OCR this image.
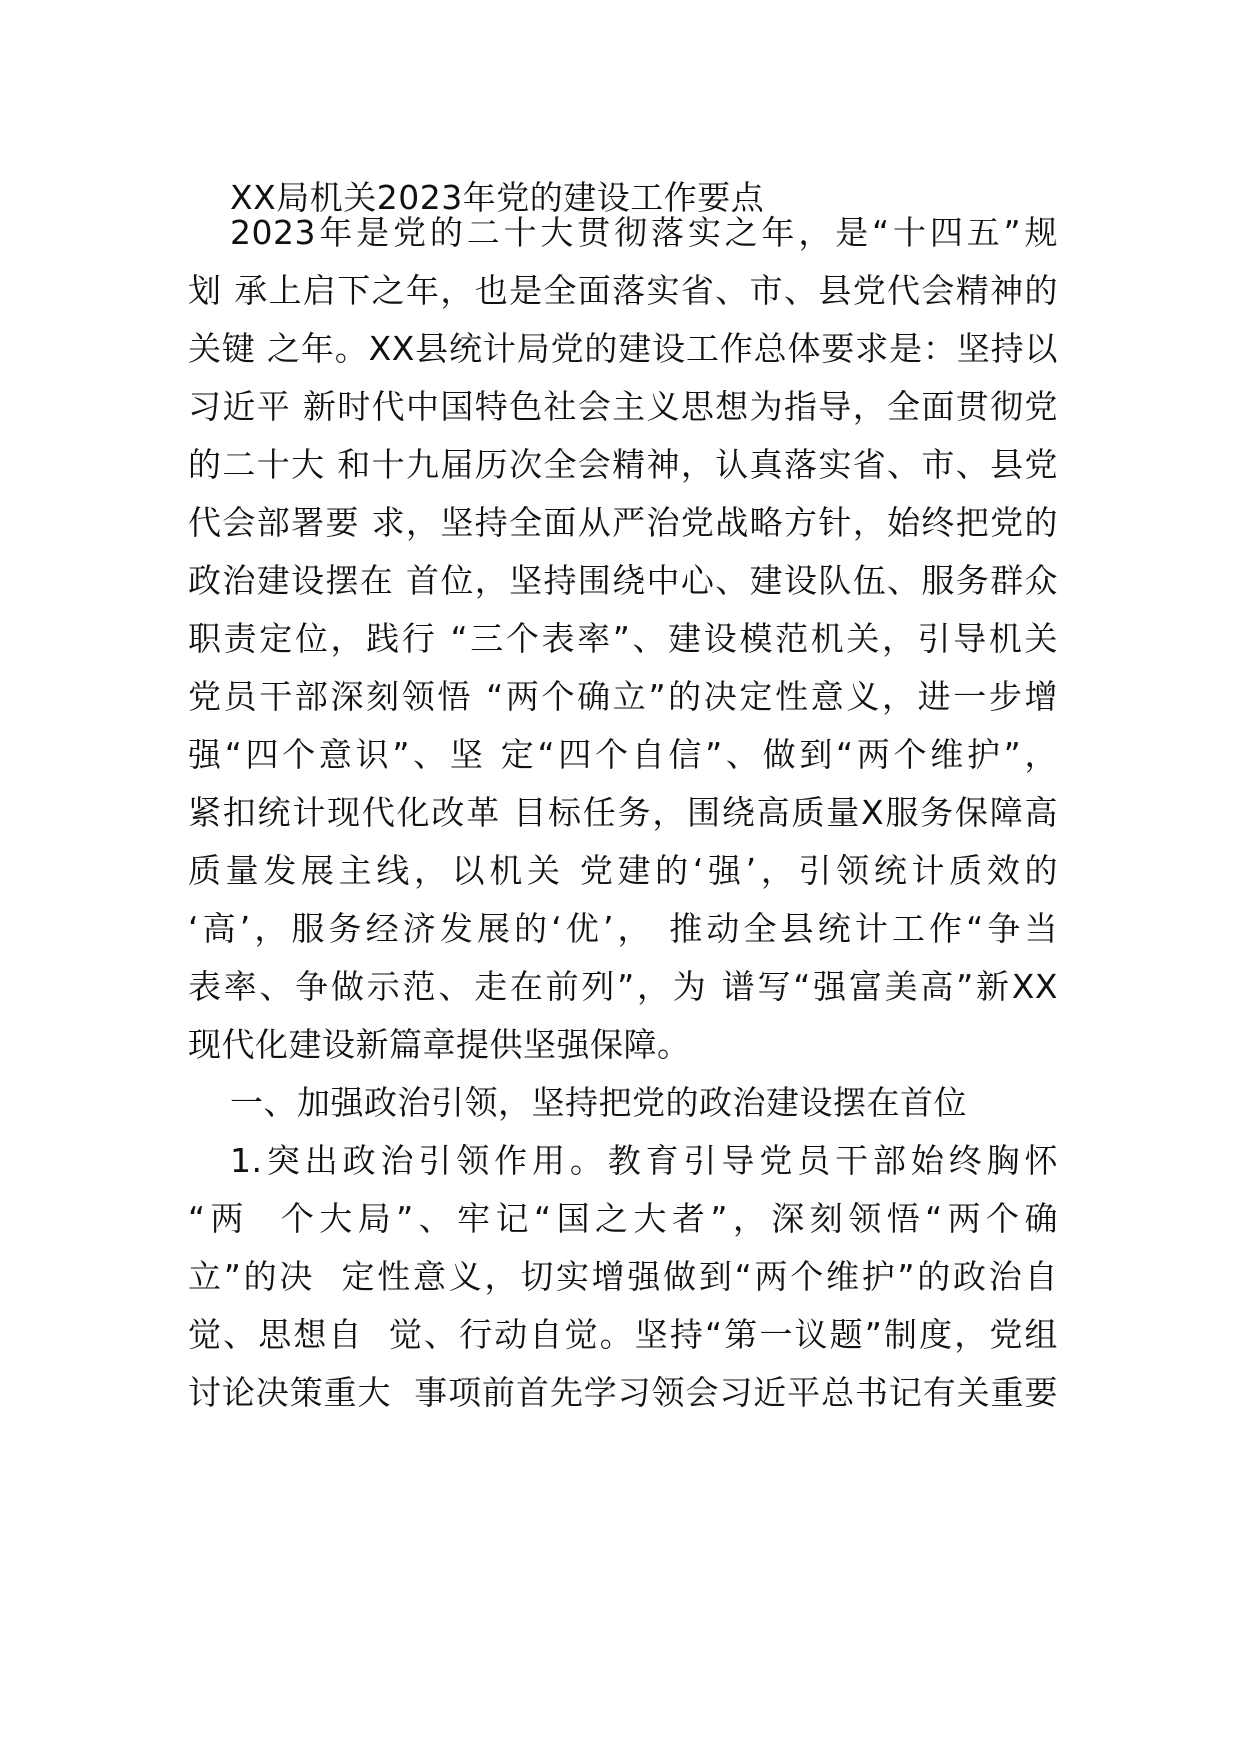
XX局机关2023年党的建设工作要点
2023年是党的二十大贯彻落实之年，是“十四五”规
划 承上启下之年，也是全面落实省、市、县党代会精神的
关键 之年。XX县统计局党的建设工作总体要求是：坚持以
习近平 新时代中国特色社会主义思想为指导，全面贯彻党
的二十大 和十九届历次全会精神，认真落实省、市、县党
代会部署要 求，坚持全面从严治党战略方针，始终把党的
政治建设摆在 首位，坚持围绕中心、建设队伍、服务群众
职责定位，践行 “三个表率”、建设模范机关，引导机关
党员干部深刻领悟 “两个确立”的决定性意义，进一步增
强“四个意识”、坚 定“四个自信”、做到“两个维护”，
紧扣统计现代化改革 目标任务，围绕高质量X服务保障高
质量发展主线，以机关 党建的‘强’，引领统计质效的
‘高’，服务经济发展的‘优’， 推动全县统计工作“争当
表率、争做示范、走在前列”，为 谱写“强富美高”新XX
现代化建设新篇章提供坚强保障。
一、加强政治引领，坚持把党的政治建设摆在首位
1.突出政治引领作用。教育引导党员干部始终胸怀
“两  个大局”、牢记“国之大者”，深刻领悟“两个确
立”的决  定性意义，切实增强做到“两个维护”的政治自
觉、思想自  觉、行动自觉。坚持“第一议题”制度，党组
讨论决策重大  事项前首先学习领会习近平总书记有关重要
